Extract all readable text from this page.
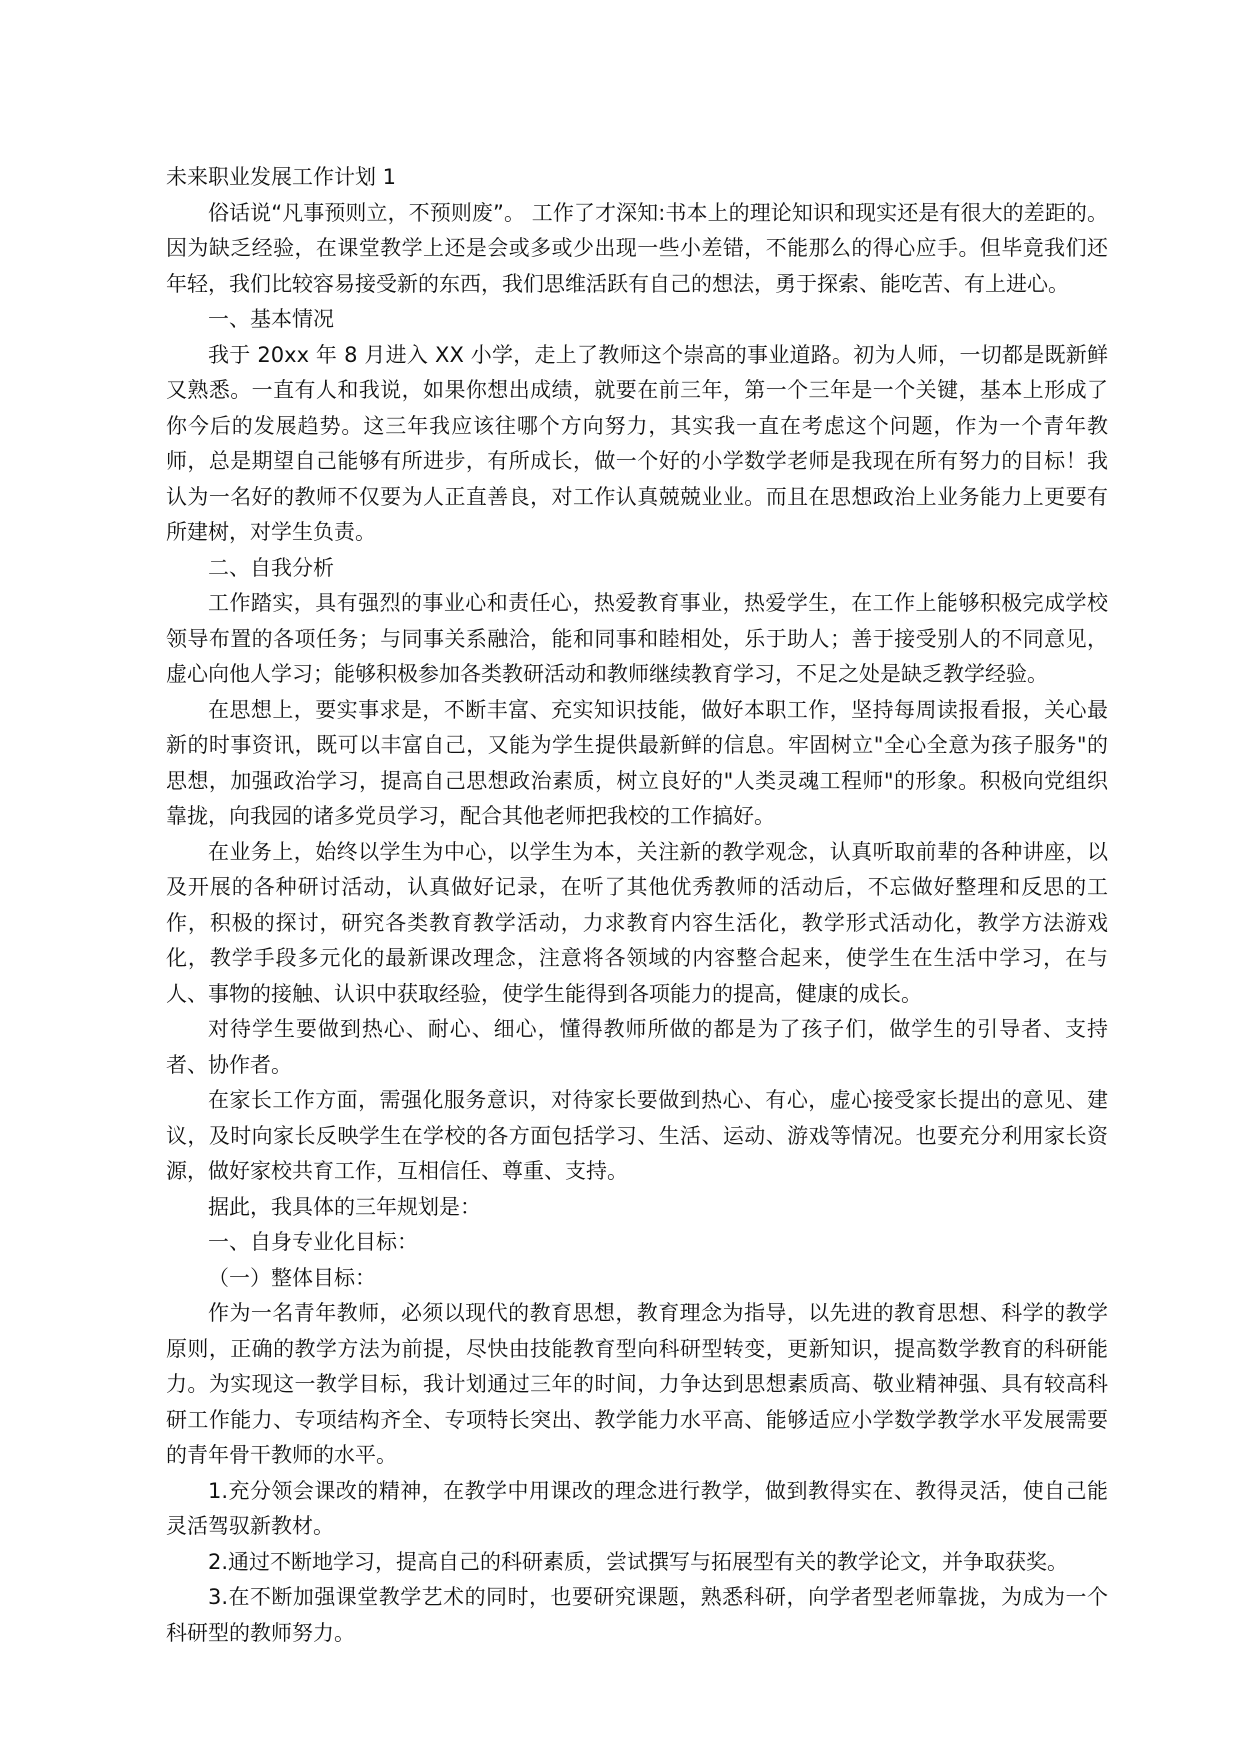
未来职业发展工作计划 1

俗话说“凡事预则立，不预则废”。 工作了才深知:书本上的理论知识和现实还是有很大的差距的。因为缺乏经验，在课堂教学上还是会或多或少出现一些小差错，不能那么的得心应手。但毕竟我们还年轻，我们比较容易接受新的东西，我们思维活跃有自己的想法，勇于探索、能吃苦、有上进心。

一、基本情况

我于 20xx 年 8 月进入 XX 小学，走上了教师这个崇高的事业道路。初为人师，一切都是既新鲜又熟悉。一直有人和我说，如果你想出成绩，就要在前三年，第一个三年是一个关键，基本上形成了你今后的发展趋势。这三年我应该往哪个方向努力，其实我一直在考虑这个问题，作为一个青年教师，总是期望自己能够有所进步，有所成长，做一个好的小学数学老师是我现在所有努力的目标！我认为一名好的教师不仅要为人正直善良，对工作认真兢兢业业。而且在思想政治上业务能力上更要有所建树，对学生负责。

二、自我分析

工作踏实，具有强烈的事业心和责任心，热爱教育事业，热爱学生，在工作上能够积极完成学校领导布置的各项任务；与同事关系融洽，能和同事和睦相处，乐于助人；善于接受别人的不同意见，虚心向他人学习；能够积极参加各类教研活动和教师继续教育学习，不足之处是缺乏教学经验。

在思想上，要实事求是，不断丰富、充实知识技能，做好本职工作，坚持每周读报看报，关心最新的时事资讯，既可以丰富自己，又能为学生提供最新鲜的信息。牢固树立"全心全意为孩子服务"的思想，加强政治学习，提高自己思想政治素质，树立良好的"人类灵魂工程师"的形象。积极向党组织靠拢，向我园的诸多党员学习，配合其他老师把我校的工作搞好。

在业务上，始终以学生为中心，以学生为本，关注新的教学观念，认真听取前辈的各种讲座，以及开展的各种研讨活动，认真做好记录，在听了其他优秀教师的活动后，不忘做好整理和反思的工作，积极的探讨，研究各类教育教学活动，力求教育内容生活化，教学形式活动化，教学方法游戏化，教学手段多元化的最新课改理念，注意将各领域的内容整合起来，使学生在生活中学习，在与人、事物的接触、认识中获取经验，使学生能得到各项能力的提高，健康的成长。

对待学生要做到热心、耐心、细心，懂得教师所做的都是为了孩子们，做学生的引导者、支持者、协作者。

在家长工作方面，需强化服务意识，对待家长要做到热心、有心，虚心接受家长提出的意见、建议，及时向家长反映学生在学校的各方面包括学习、生活、运动、游戏等情况。也要充分利用家长资源，做好家校共育工作，互相信任、尊重、支持。

据此，我具体的三年规划是：

一、自身专业化目标：

（一）整体目标：

作为一名青年教师，必须以现代的教育思想，教育理念为指导，以先进的教育思想、科学的教学原则，正确的教学方法为前提，尽快由技能教育型向科研型转变，更新知识，提高数学教育的科研能力。为实现这一教学目标，我计划通过三年的时间，力争达到思想素质高、敬业精神强、具有较高科研工作能力、专项结构齐全、专项特长突出、教学能力水平高、能够适应小学数学教学水平发展需要的青年骨干教师的水平。

1.充分领会课改的精神，在教学中用课改的理念进行教学，做到教得实在、教得灵活，使自己能灵活驾驭新教材。

2.通过不断地学习，提高自己的科研素质，尝试撰写与拓展型有关的教学论文，并争取获奖。

3.在不断加强课堂教学艺术的同时，也要研究课题，熟悉科研，向学者型老师靠拢，为成为一个科研型的教师努力。
